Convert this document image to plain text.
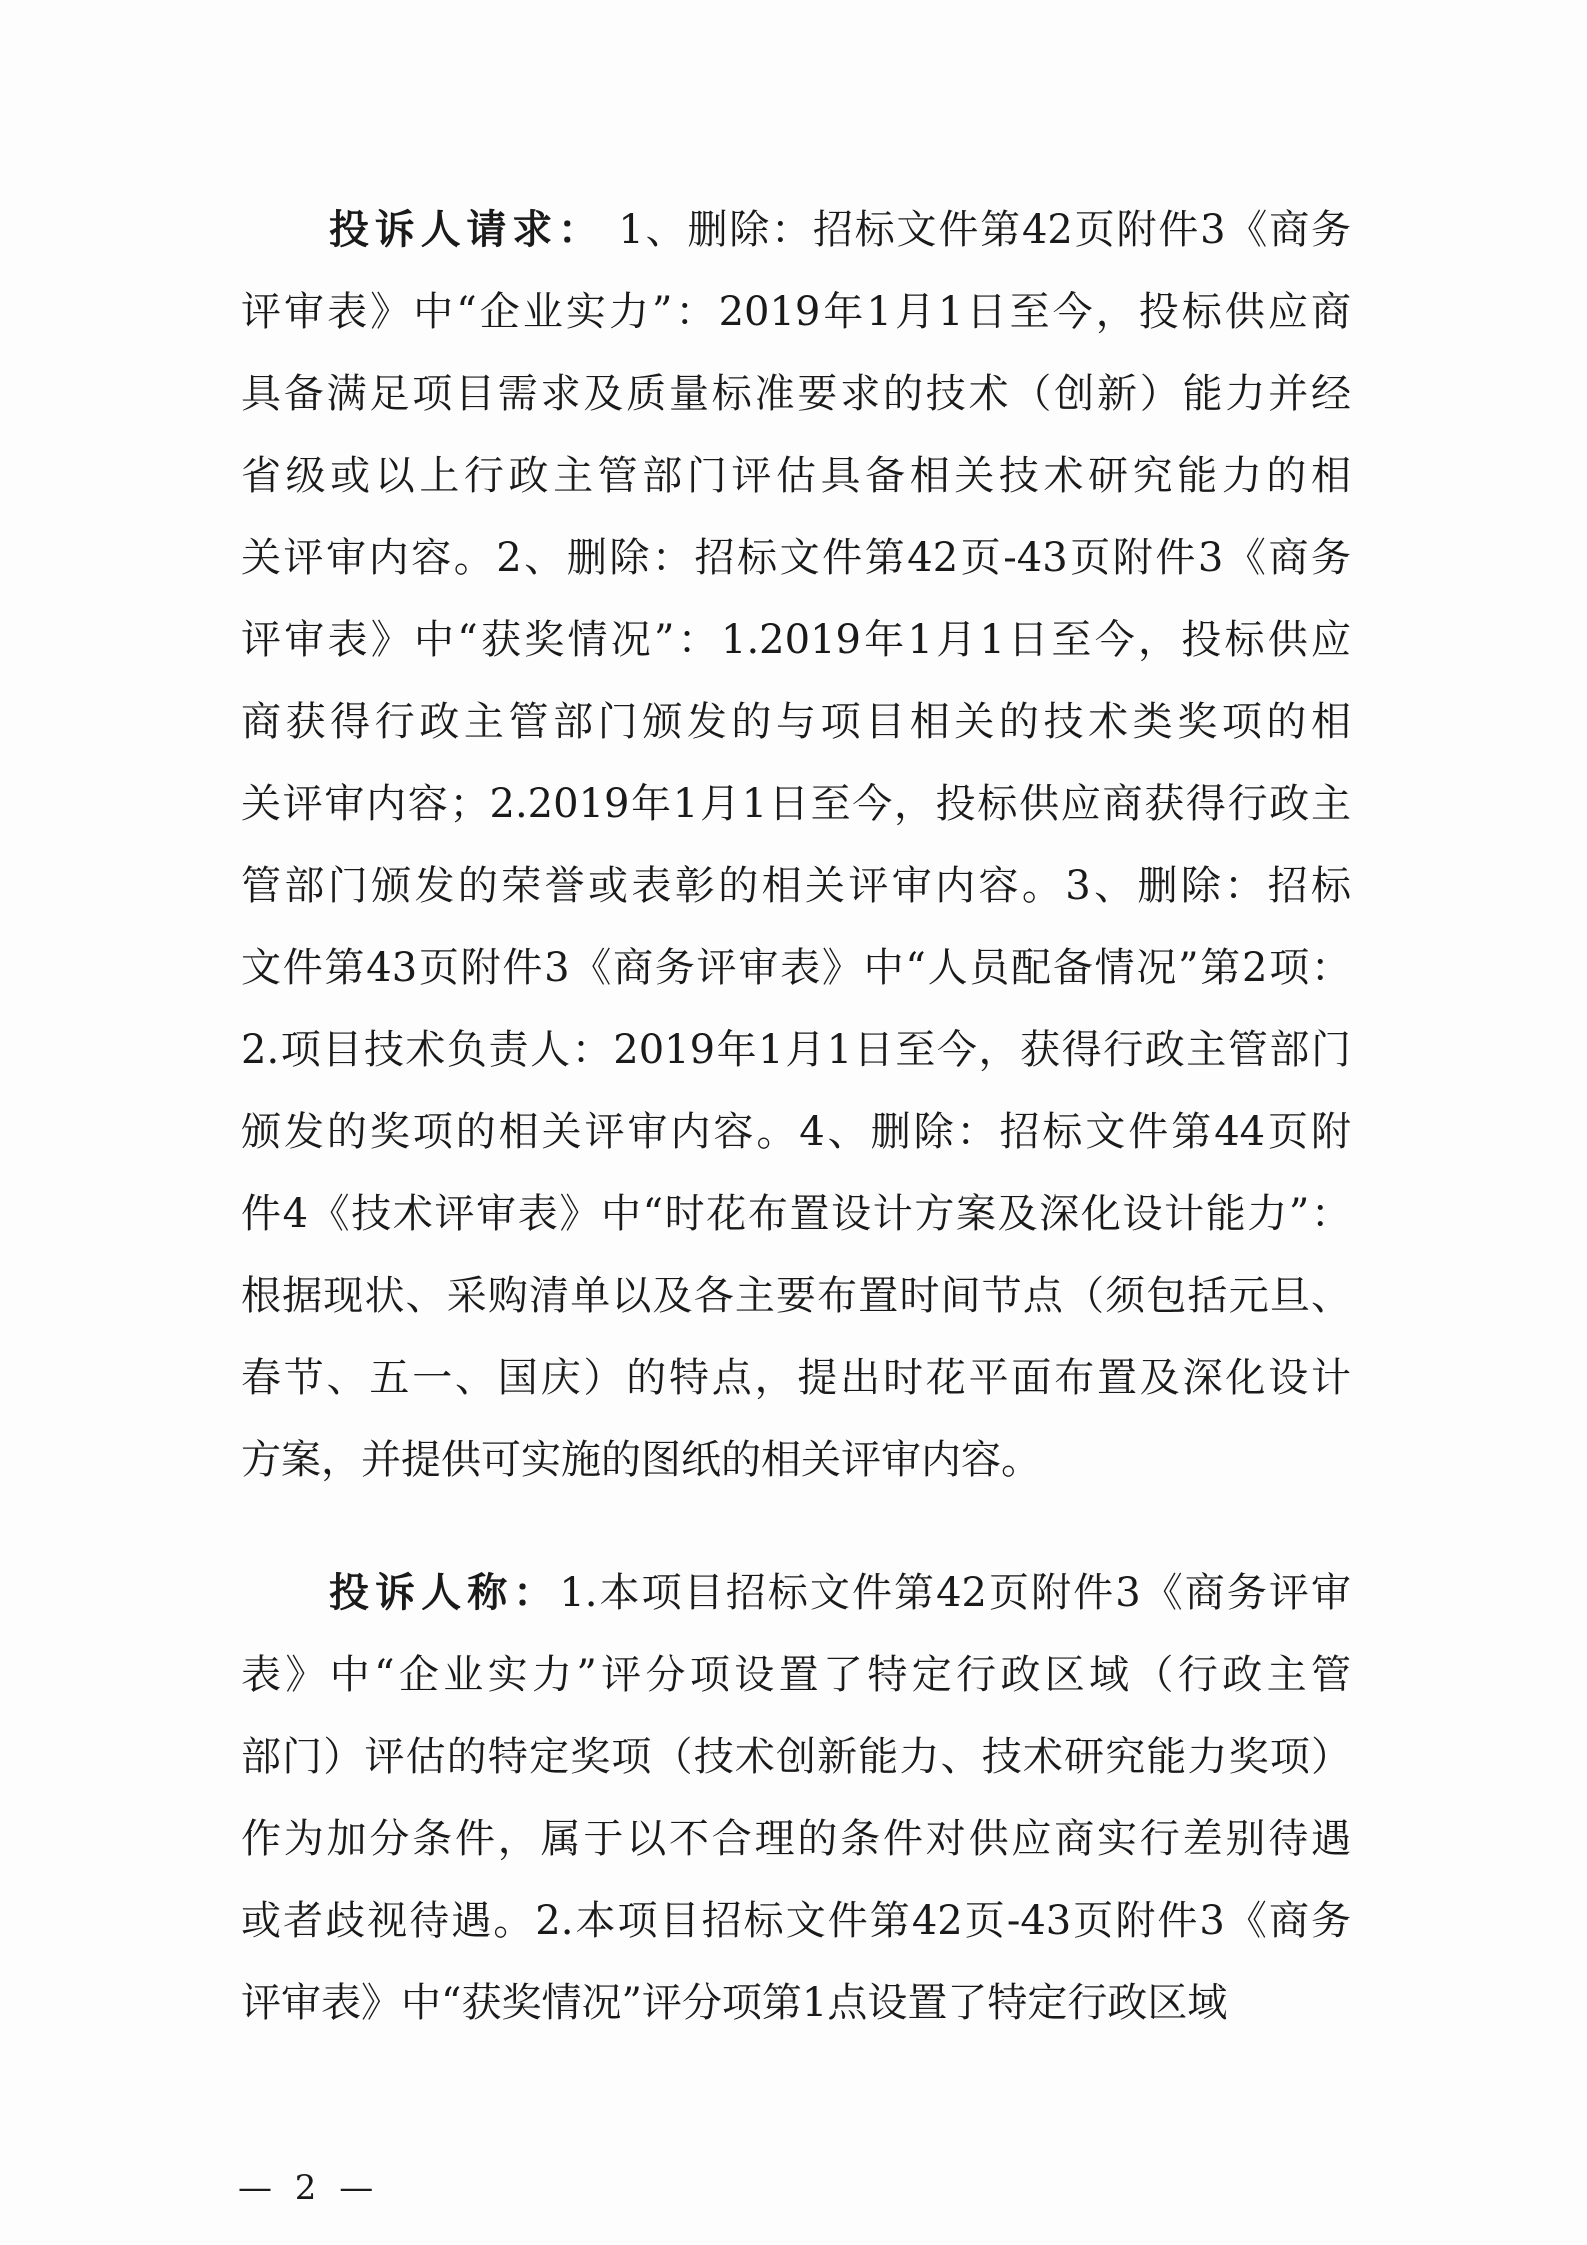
投诉人请求： 1、删除：招标文件第42页附件3《商务
评审表》中“企业实力”：2019年1月1日至今，投标供应商
具备满足项目需求及质量标准要求的技术（创新）能力并经
省级或以上行政主管部门评估具备相关技术研究能力的相
关评审内容。2、删除：招标文件第42页-43页附件3《商务
评审表》中“获奖情况”：1.2019年1月1日至今，投标供应
商获得行政主管部门颁发的与项目相关的技术类奖项的相
关评审内容；2.2019年1月1日至今，投标供应商获得行政主
管部门颁发的荣誉或表彰的相关评审内容。3、删除：招标
文件第43页附件3《商务评审表》中“人员配备情况”第2项：
2.项目技术负责人：2019年1月1日至今，获得行政主管部门
颁发的奖项的相关评审内容。4、删除：招标文件第44页附
件4《技术评审表》中“时花布置设计方案及深化设计能力”：
根据现状、采购清单以及各主要布置时间节点（须包括元旦、
春节、五一、国庆）的特点，提出时花平面布置及深化设计
方案，并提供可实施的图纸的相关评审内容。
投诉人称：1.本项目招标文件第42页附件3《商务评审
表》中“企业实力”评分项设置了特定行政区域（行政主管
部门）评估的特定奖项（技术创新能力、技术研究能力奖项）
作为加分条件，属于以不合理的条件对供应商实行差别待遇
或者歧视待遇。2.本项目招标文件第42页-43页附件3《商务
评审表》中“获奖情况”评分项第1点设置了特定行政区域
— 2 —
